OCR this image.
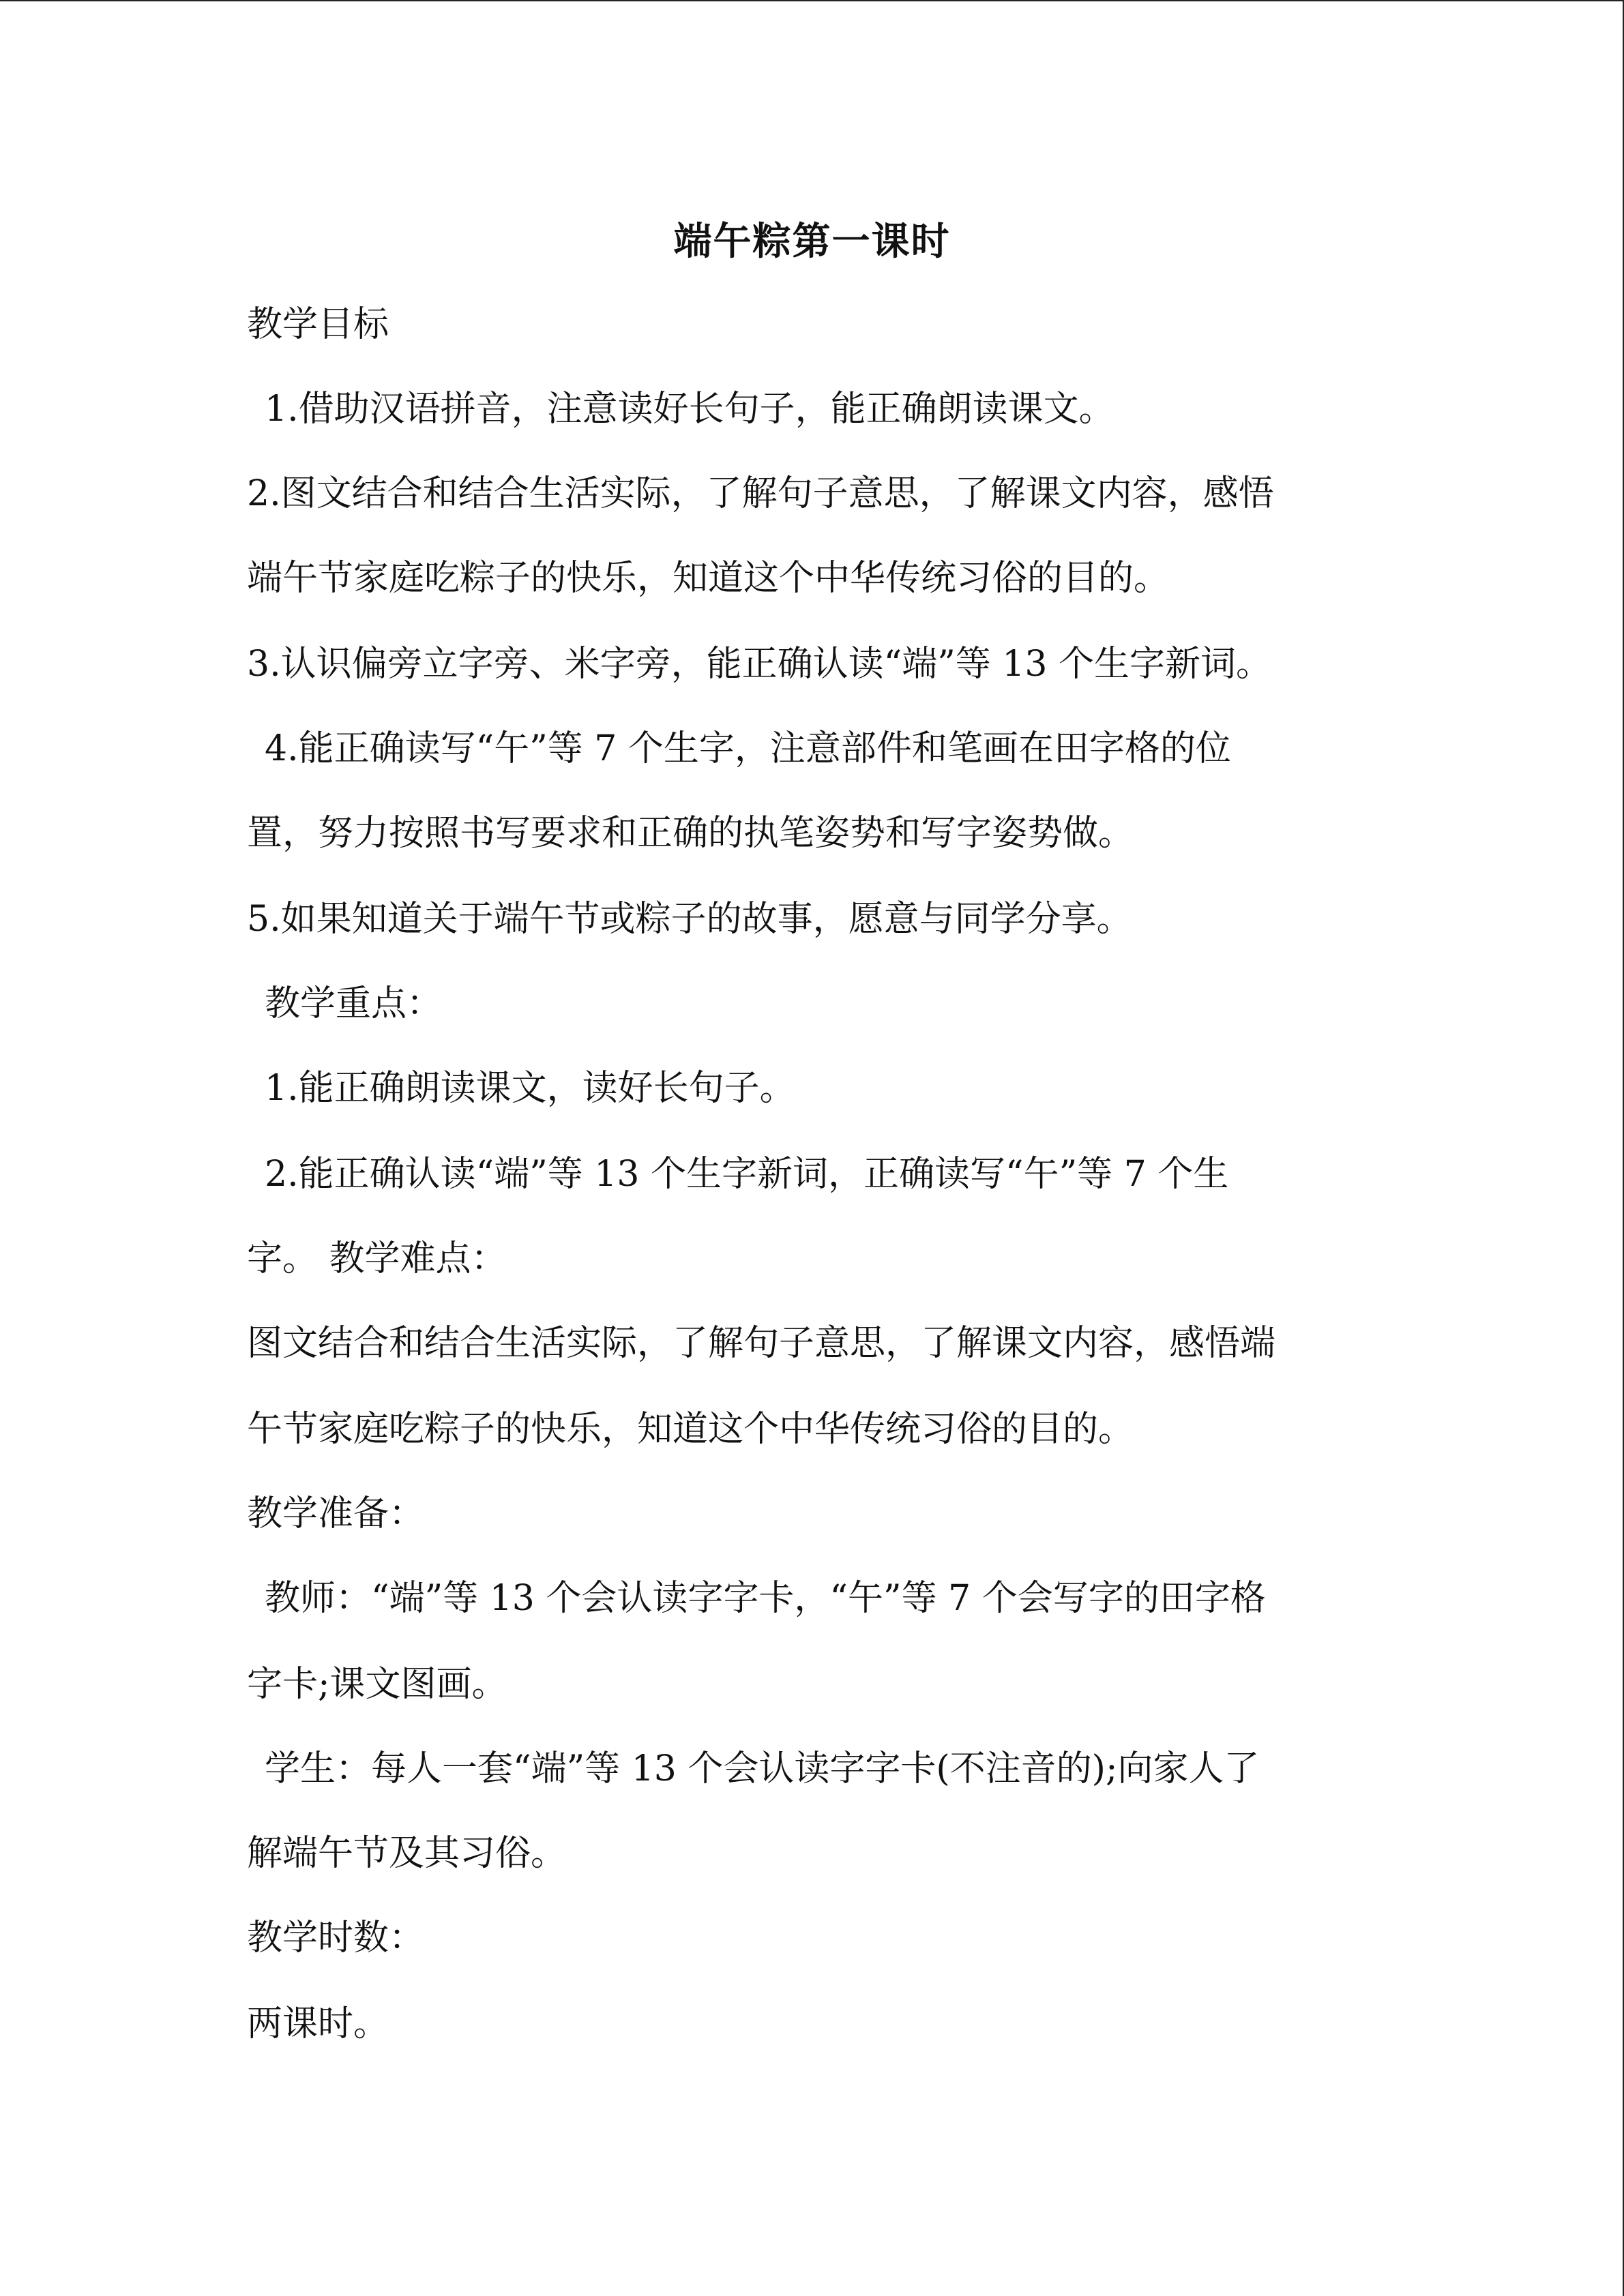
端午粽第一课时
教学目标
1.借助汉语拼音，注意读好长句子，能正确朗读课文。
2.图文结合和结合生活实际，了解句子意思，了解课文内容，感悟
端午节家庭吃粽子的快乐，知道这个中华传统习俗的目的。
3.认识偏旁立字旁、米字旁，能正确认读“端”等 13 个生字新词。
4.能正确读写“午”等 7 个生字，注意部件和笔画在田字格的位
置，努力按照书写要求和正确的执笔姿势和写字姿势做。
5.如果知道关于端午节或粽子的故事，愿意与同学分享。
教学重点：
1.能正确朗读课文，读好长句子。
2.能正确认读“端”等 13 个生字新词，正确读写“午”等 7 个生
字。 教学难点：
图文结合和结合生活实际，了解句子意思，了解课文内容，感悟端
午节家庭吃粽子的快乐，知道这个中华传统习俗的目的。
教学准备：
教师：“端”等 13 个会认读字字卡，“午”等 7 个会写字的田字格
字卡;课文图画。
学生：每人一套“端”等 13 个会认读字字卡(不注音的);向家人了
解端午节及其习俗。
教学时数：
两课时。
